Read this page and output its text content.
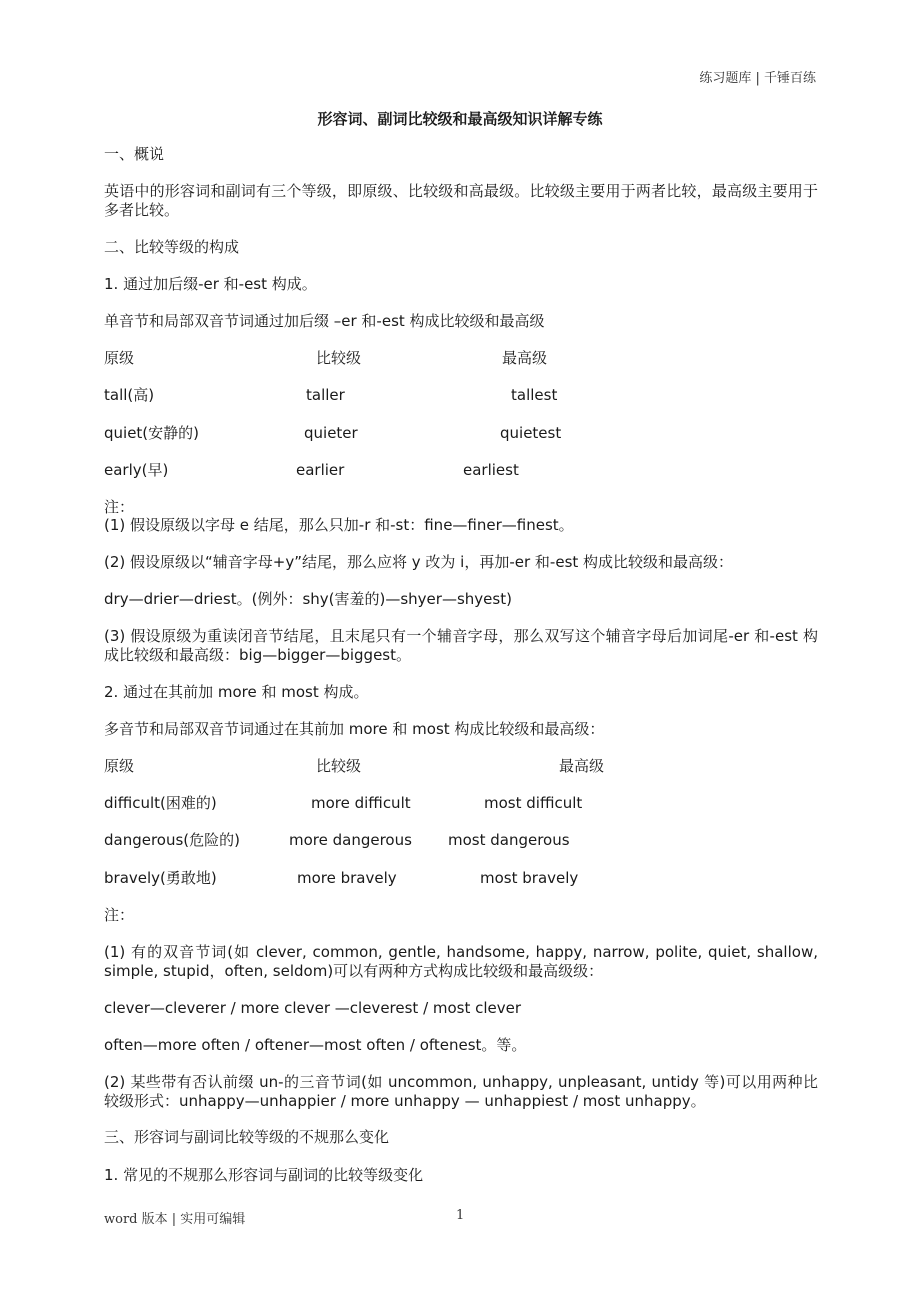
练习题库 | 千锤百练
形容词、副词比较级和最高级知识详解专练
一、概说
英语中的形容词和副词有三个等级，即原级、比较级和高最级。比较级主要用于两者比较，最高级主要用于多者比较。
二、比较等级的构成
1. 通过加后缀-er 和-est 构成。
单音节和局部双音节词通过加后缀 –er 和-est 构成比较级和最高级
原级	比较级	最高级
tall(高)	taller	tallest
quiet(安静的)	quieter	quietest
early(早)	earlier	earliest
注：
(1) 假设原级以字母 e 结尾，那么只加-r 和-st：fine—finer—finest。
(2) 假设原级以“辅音字母+y”结尾，那么应将 y 改为 i，再加-er 和-est 构成比较级和最高级：
dry—drier—driest。(例外：shy(害羞的)—shyer—shyest)
(3) 假设原级为重读闭音节结尾，且末尾只有一个辅音字母，那么双写这个辅音字母后加词尾-er 和-est 构成比较级和最高级：big—bigger—biggest。
2. 通过在其前加 more 和 most 构成。
多音节和局部双音节词通过在其前加 more 和 most 构成比较级和最高级：
原级	比较级	最高级
difficult(困难的)	more difficult	most difficult
dangerous(危险的)	more dangerous most dangerous
bravely(勇敢地)	more bravely	most bravely
注：
(1) 有的双音节词(如 clever, common, gentle, handsome, happy, narrow, polite, quiet, shallow, simple, stupid，often, seldom)可以有两种方式构成比较级和最高级级：
clever—cleverer / more clever —cleverest / most clever
often—more often / oftener—most often / oftenest。等。
(2) 某些带有否认前缀 un-的三音节词(如 uncommon, unhappy, unpleasant, untidy 等)可以用两种比较级形式：unhappy—unhappier / more unhappy — unhappiest / most unhappy。
三、形容词与副词比较等级的不规那么变化
1. 常见的不规那么形容词与副词的比较等级变化
word 版本 | 实用可编辑	1
